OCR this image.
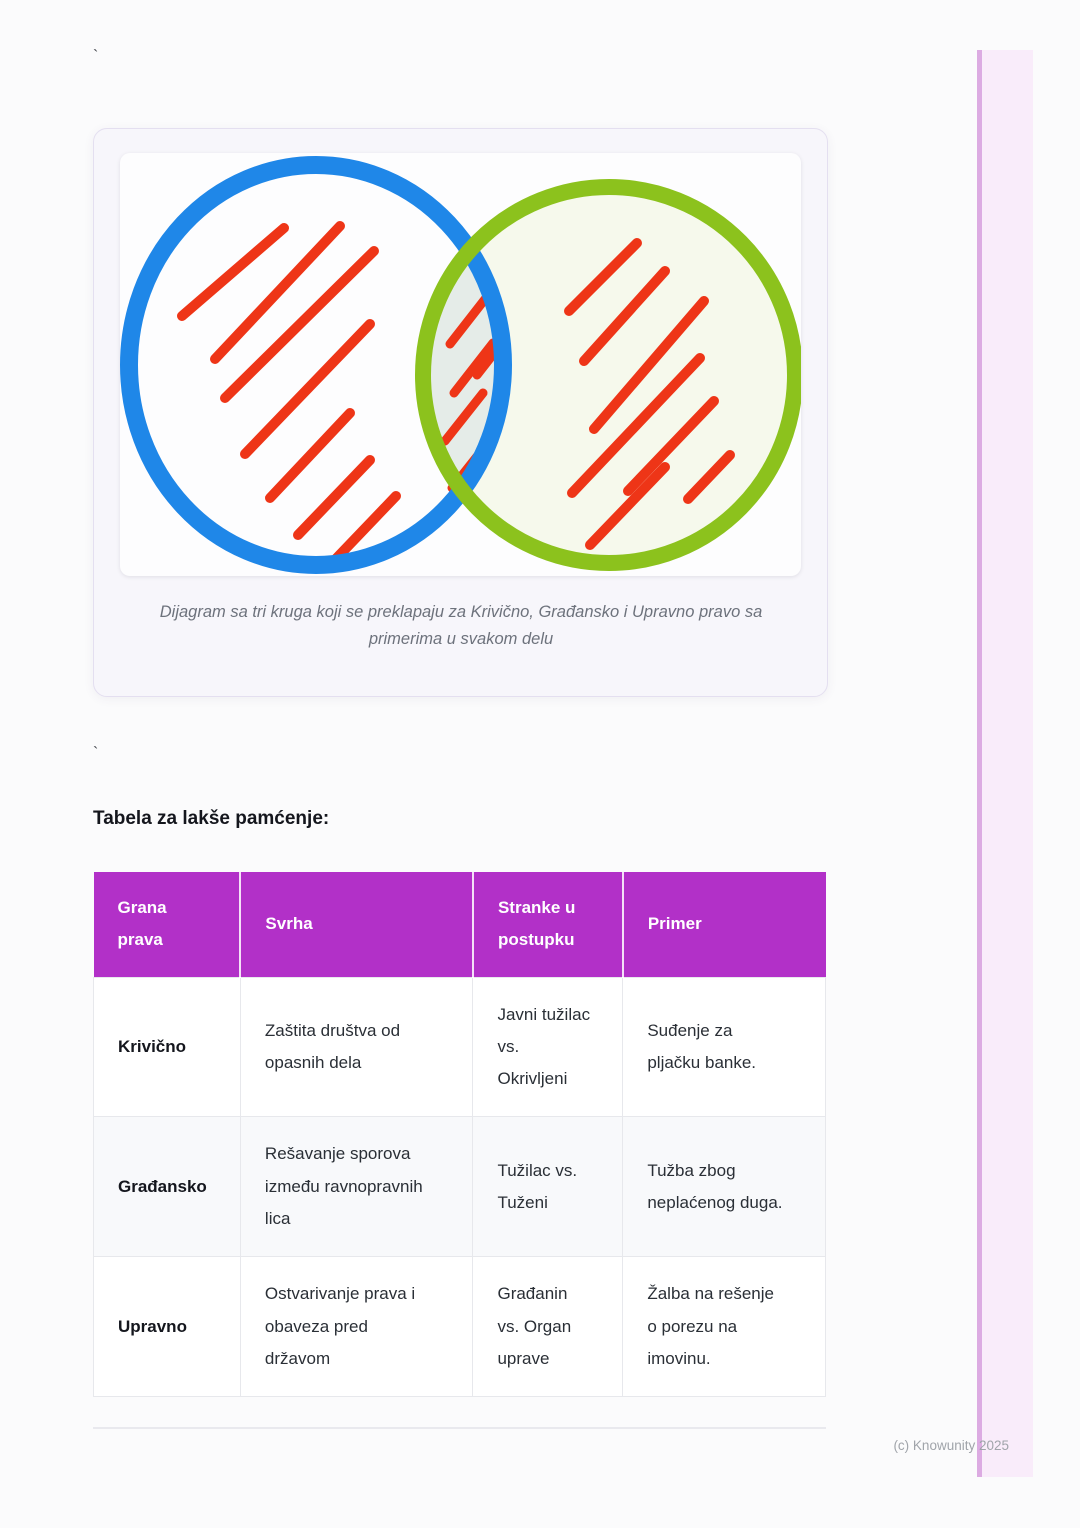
`
Dijagram sa tri kruga koji se preklapaju za Krivično, Građansko i Upravno pravo sa primerima u svakom delu
`
Tabela za lakše pamćenje:
Grana prava	Svrha	Stranke u postupku	Primer
Krivično	Zaštita društva od opasnih dela	Javni tužilac vs. Okrivljeni	Suđenje za pljačku banke.
Građansko	Rešavanje sporova između ravnopravnih lica	Tužilac vs. Tuženi	Tužba zbog neplaćenog duga.
Upravno	Ostvarivanje prava i obaveza pred državom	Građanin vs. Organ uprave	Žalba na rešenje o porezu na imovinu.
(c) Knowunity 2025
